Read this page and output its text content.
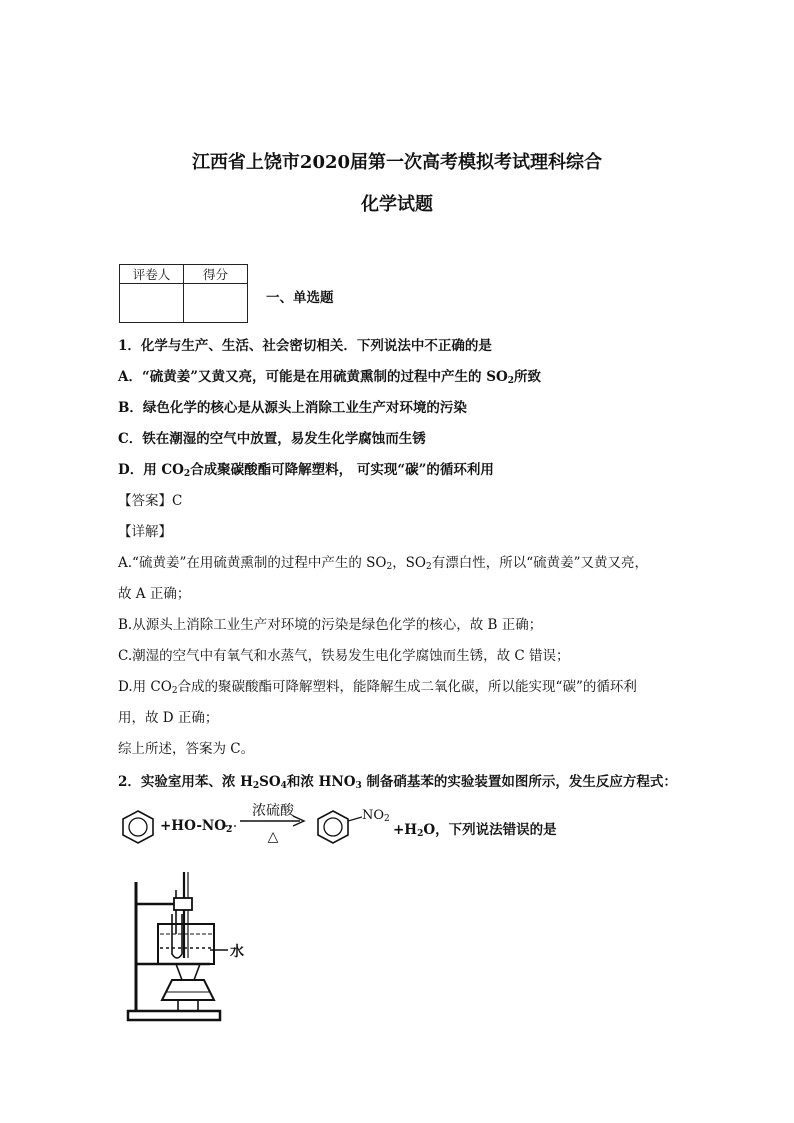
江西省上饶市2020届第一次高考模拟考试理科综合
化学试题
评卷人	得分

一、单选题
1．化学与生产、生活、社会密切相关．下列说法中不正确的是
A．“硫黄姜”又黄又亮，可能是在用硫黄熏制的过程中产生的 $SO_2$所致
B．绿色化学的核心是从源头上消除工业生产对环境的污染
C．铁在潮湿的空气中放置，易发生化学腐蚀而生锈
D．用 $CO_2$合成聚碳酸酯可降解塑料， 可实现“碳”的循环利用
【答案】C
【详解】
A.“硫黄姜”在用硫黄熏制的过程中产生的 $SO_2$，$SO_2$有漂白性，所以“硫黄姜”又黄又亮，
故 A 正确；
B.从源头上消除工业生产对环境的污染是绿色化学的核心，故 B 正确；
C.潮湿的空气中有氧气和水蒸气，铁易发生电化学腐蚀而生锈，故 C 错误；
D.用 $CO_2$合成的聚碳酸酯可降解塑料，能降解生成二氧化碳，所以能实现“碳”的循环利
用，故 D 正确；
综上所述，答案为 C。
2．实验室用苯、浓 $H_2SO_4$和浓 $HNO_3$ 制备硝基苯的实验装置如图所示，发生反应方程式：
$+HO-NO_2$
浓硫酸
△
$NO_2$
$+H_2O$，下列说法错误的是
水
